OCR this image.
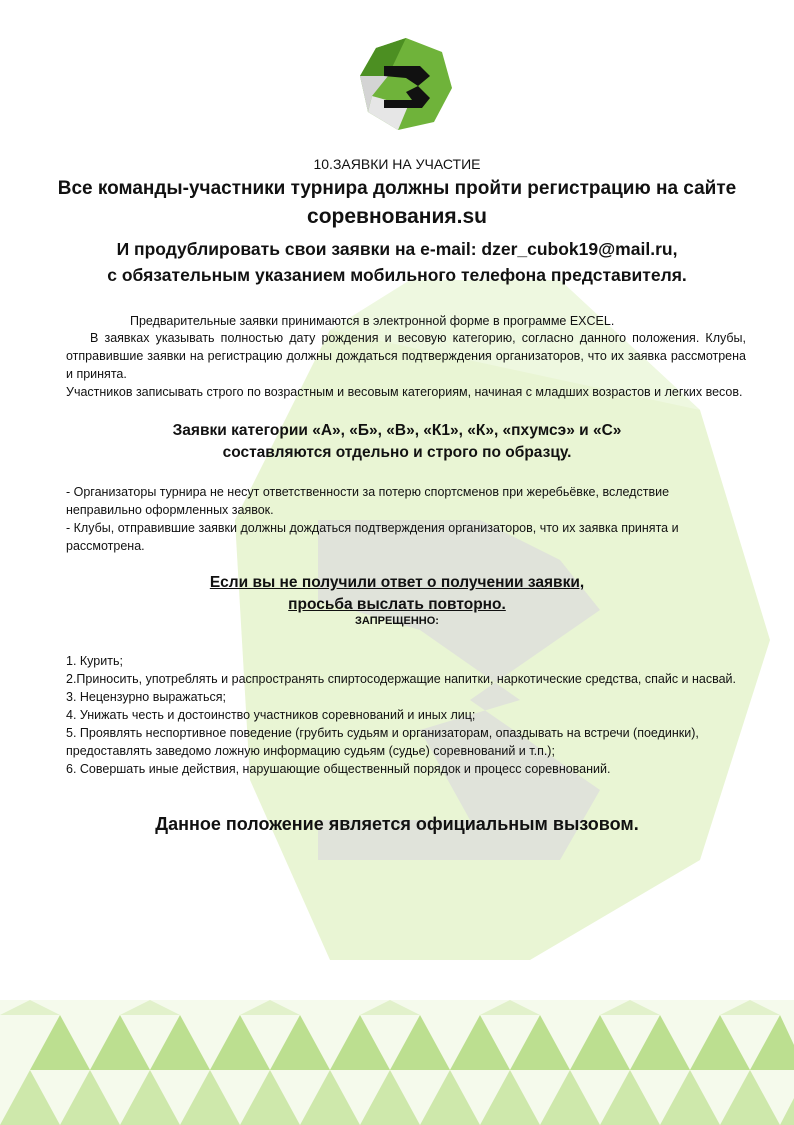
10.ЗАЯВКИ НА УЧАСТИЕ
Все команды-участники турнира должны пройти регистрацию на сайте
соревнования.su
И продублировать свои заявки на e-mail: dzer_cubok19@mail.ru,
с обязательным указанием мобильного телефона представителя.

Предварительные заявки принимаются в электронной форме в программе EXCEL.

В заявках указывать полностью дату рождения и весовую категорию, согласно данного положения. Клубы, отправившие заявки на регистрацию должны дождаться подтверждения организаторов, что их заявка рассмотрена и принята.

Участников записывать строго по возрастным и весовым категориям, начиная с младших возрастов и легких весов.

Заявки категории «А», «Б», «В», «К1», «К», «пхумсэ» и «С»
составляются отдельно и строго по образцу.

- Организаторы турнира не несут ответственности за потерю спортсменов при жеребьёвке, вследствие неправильно оформленных заявок.

- Клубы, отправившие заявки должны дождаться подтверждения организаторов, что их заявка принята и рассмотрена.

Если вы не получили ответ о получении заявки,
просьба выслать повторно.
ЗАПРЕЩЕННО:
1. Курить;
2.Приносить, употреблять и распространять спиртосодержащие напитки, наркотические средства, спайс и насвай.
3. Нецензурно выражаться;
4. Унижать честь и достоинство участников соревнований и иных лиц;
5. Проявлять неспортивное поведение (грубить судьям и организаторам, опаздывать на встречи (поединки), предоставлять заведомо ложную информацию судьям (судье) соревнований и т.п.);
6. Совершать иные действия, нарушающие общественный порядок и процесс соревнований.
Данное положение является официальным вызовом.
